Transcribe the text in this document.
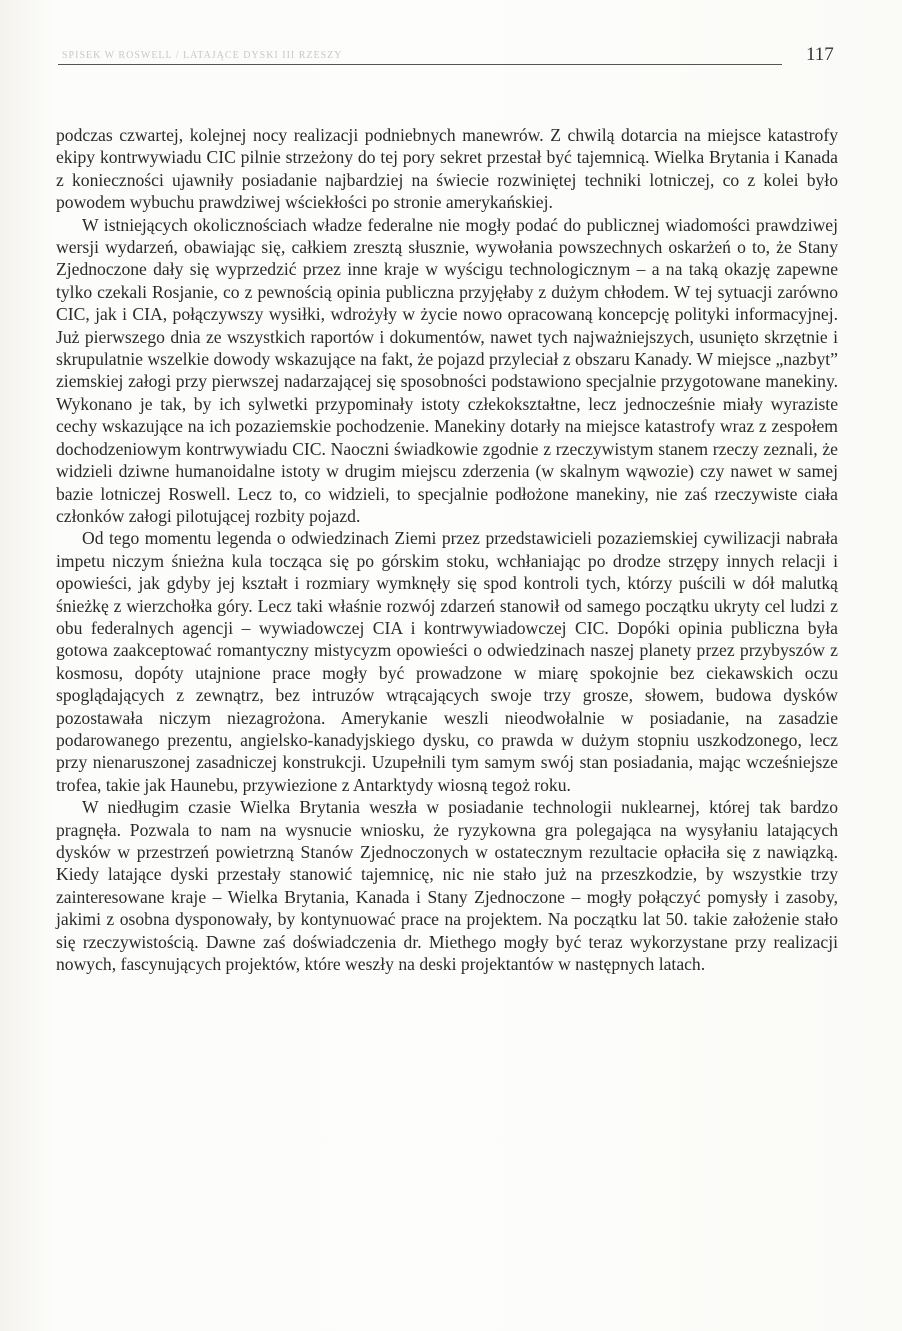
SPISEK W ROSWELL / LATAJĄCE DYSKI III RZESZY	117

podczas czwartej, kolejnej nocy realizacji podniebnych manewrów. Z chwilą dotarcia na miejsce katastrofy ekipy kontrwywiadu CIC pilnie strzeżony do tej pory sekret przestał być tajemnicą. Wielka Brytania i Kanada z konieczności ujawniły posiadanie najbardziej na świecie rozwiniętej techniki lotniczej, co z kolei było powodem wybuchu prawdziwej wściekłości po stronie amerykańskiej.

W istniejących okolicznościach władze federalne nie mogły podać do publicznej wiadomości prawdziwej wersji wydarzeń, obawiając się, całkiem zresztą słusznie, wywołania powszechnych oskarżeń o to, że Stany Zjednoczone dały się wyprzedzić przez inne kraje w wyścigu technologicznym – a na taką okazję zapewne tylko czekali Rosjanie, co z pewnością opinia publiczna przyjęłaby z dużym chłodem. W tej sytuacji zarówno CIC, jak i CIA, połączywszy wysiłki, wdrożyły w życie nowo opracowaną koncepcję polityki informacyjnej. Już pierwszego dnia ze wszystkich raportów i dokumentów, nawet tych najważniejszych, usunięto skrzętnie i skrupulatnie wszelkie dowody wskazujące na fakt, że pojazd przyleciał z obszaru Kanady. W miejsce „nazbyt” ziemskiej załogi przy pierwszej nadarzającej się sposobności podstawiono specjalnie przygotowane manekiny. Wykonano je tak, by ich sylwetki przypominały istoty człekokształtne, lecz jednocześnie miały wyraziste cechy wskazujące na ich pozaziemskie pochodzenie. Manekiny dotarły na miejsce katastrofy wraz z zespołem dochodzeniowym kontrwywiadu CIC. Naoczni świadkowie zgodnie z rzeczywistym stanem rzeczy zeznali, że widzieli dziwne humanoidalne istoty w drugim miejscu zderzenia (w skalnym wąwozie) czy nawet w samej bazie lotniczej Roswell. Lecz to, co widzieli, to specjalnie podłożone manekiny, nie zaś rzeczywiste ciała członków załogi pilotującej rozbity pojazd.

Od tego momentu legenda o odwiedzinach Ziemi przez przedstawicieli pozaziemskiej cywilizacji nabrała impetu niczym śnieżna kula tocząca się po górskim stoku, wchłaniając po drodze strzępy innych relacji i opowieści, jak gdyby jej kształt i rozmiary wymknęły się spod kontroli tych, którzy puścili w dół malutką śnieżkę z wierzchołka góry. Lecz taki właśnie rozwój zdarzeń stanowił od samego początku ukryty cel ludzi z obu federalnych agencji – wywiadowczej CIA i kontrwywiadowczej CIC. Dopóki opinia publiczna była gotowa zaakceptować romantyczny mistycyzm opowieści o odwiedzinach naszej planety przez przybyszów z kosmosu, dopóty utajnione prace mogły być prowadzone w miarę spokojnie bez ciekawskich oczu spoglądających z zewnątrz, bez intruzów wtrącających swoje trzy grosze, słowem, budowa dysków pozostawała niczym niezagrożona. Amerykanie weszli nieodwołalnie w posiadanie, na zasadzie podarowanego prezentu, angielsko-kanadyjskiego dysku, co prawda w dużym stopniu uszkodzonego, lecz przy nienaruszonej zasadniczej konstrukcji. Uzupełnili tym samym swój stan posiadania, mając wcześniejsze trofea, takie jak Haunebu, przywiezione z Antarktydy wiosną tegoż roku.

W niedługim czasie Wielka Brytania weszła w posiadanie technologii nuklearnej, której tak bardzo pragnęła. Pozwala to nam na wysnucie wniosku, że ryzykowna gra polegająca na wysyłaniu latających dysków w przestrzeń powietrzną Stanów Zjednoczonych w ostatecznym rezultacie opłaciła się z nawiązką. Kiedy latające dyski przestały stanowić tajemnicę, nic nie stało już na przeszkodzie, by wszystkie trzy zainteresowane kraje – Wielka Brytania, Kanada i Stany Zjednoczone – mogły połączyć pomysły i zasoby, jakimi z osobna dysponowały, by kontynuować prace na projektem. Na początku lat 50. takie założenie stało się rzeczywistością. Dawne zaś doświadczenia dr. Miethego mogły być teraz wykorzystane przy realizacji nowych, fascynujących projektów, które weszły na deski projektantów w następnych latach.
